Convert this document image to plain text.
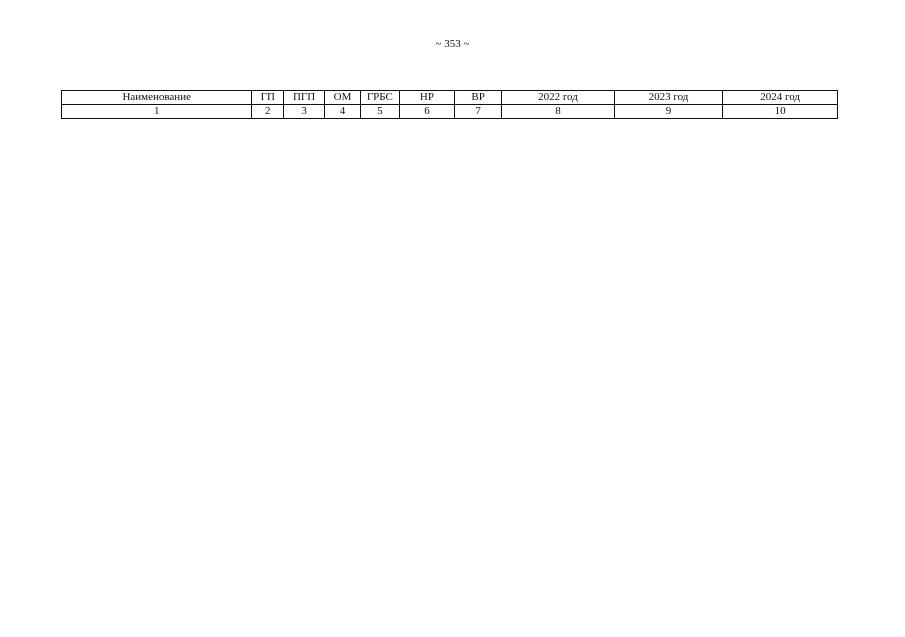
~ 353 ~
Наименование	ГП	ПГП	ОМ	ГРБС	НР	ВР	2022 год	2023 год	2024 год
1	2	3	4	5	6	7	8	9	10
